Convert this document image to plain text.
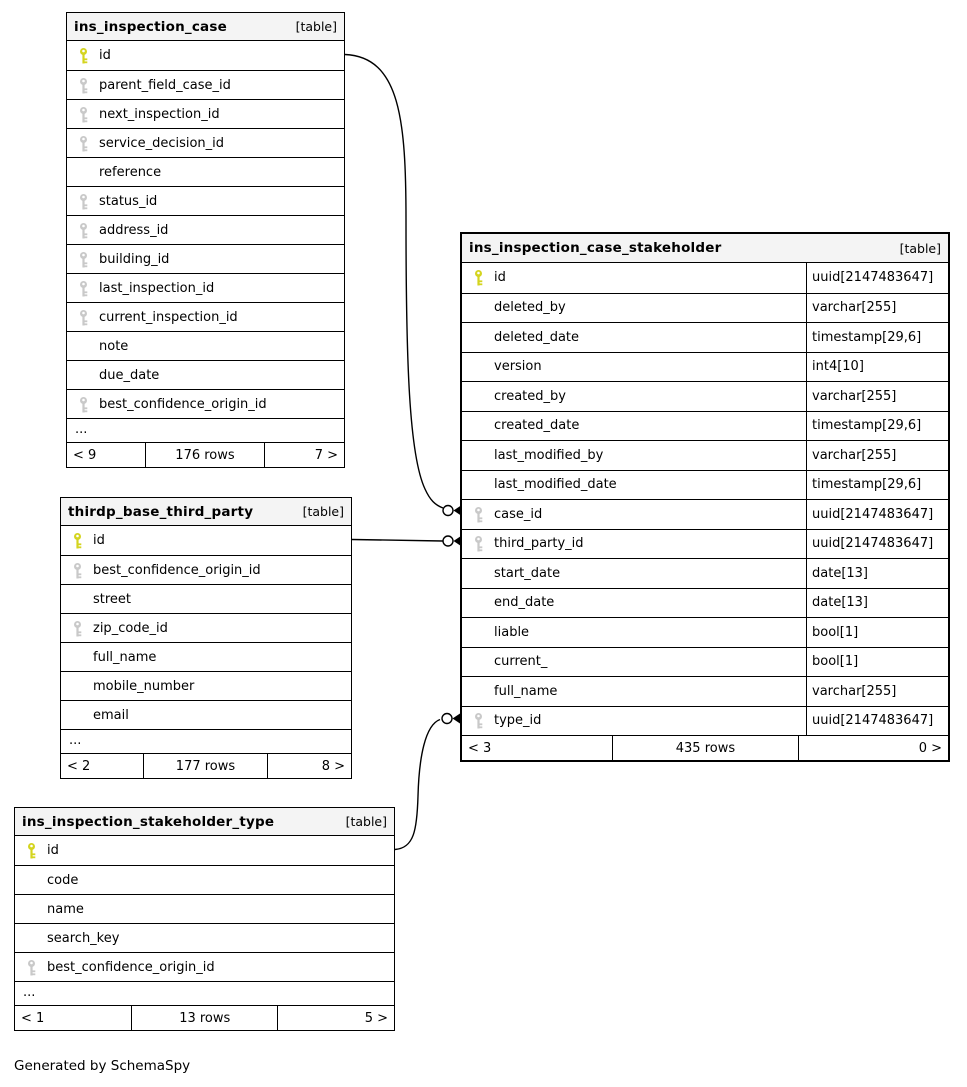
ins_inspection_case	[table]
id
parent_field_case_id
next_inspection_id
service_decision_id
reference
status_id
address_id
building_id
last_inspection_id
current_inspection_id
note
due_date
best_confidence_origin_id
...
< 9	176 rows	7 >
ins_inspection_case_stakeholder	[table]
id	uuid[2147483647]
deleted_by	varchar[255]
deleted_date	timestamp[29,6]
version	int4[10]
created_by	varchar[255]
created_date	timestamp[29,6]
last_modified_by	varchar[255]
last_modified_date	timestamp[29,6]
case_id	uuid[2147483647]
third_party_id	uuid[2147483647]
start_date	date[13]
end_date	date[13]
liable	bool[1]
current_	bool[1]
full_name	varchar[255]
type_id	uuid[2147483647]
< 3	435 rows	0 >
thirdp_base_third_party	[table]
id
best_confidence_origin_id
street
zip_code_id
full_name
mobile_number
email
...
< 2	177 rows	8 >
ins_inspection_stakeholder_type	[table]
id
code
name
search_key
best_confidence_origin_id
...
< 1	13 rows	5 >
Generated by SchemaSpy
